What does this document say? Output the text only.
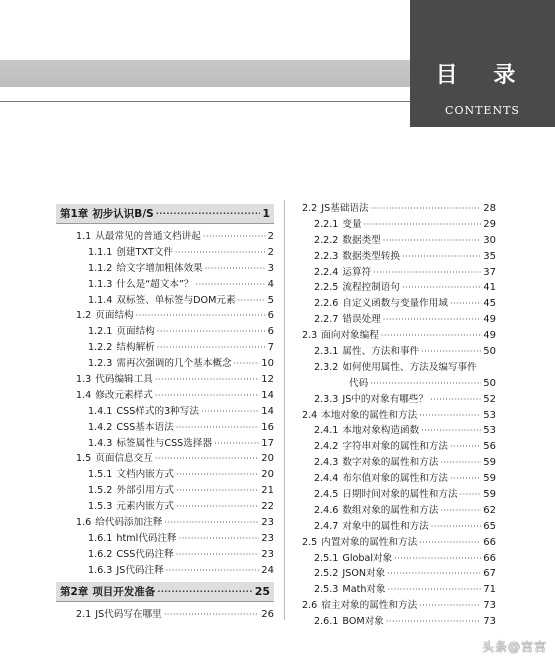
目 录
CONTENTS
第1章 初步认识B/S ·····	1
1.1 从最常见的普通文档讲起 ·····	2
1.1.1 创建TXT文件 ·····	2
1.1.2 给文字增加粗体效果 ·····	3
1.1.3 什么是“超文本”？ ·····	4
1.1.4 双标签、单标签与DOM元素 ·····	5
1.2 页面结构 ·····	6
1.2.1 页面结构 ·····	6
1.2.2 结构解析 ·····	7
1.2.3 需再次强调的几个基本概念 ·····	10
1.3 代码编辑工具 ·····	12
1.4 修改元素样式 ·····	14
1.4.1 CSS样式的3种写法 ·····	14
1.4.2 CSS基本语法 ·····	16
1.4.3 标签属性与CSS选择器 ·····	17
1.5 页面信息交互 ·····	20
1.5.1 文档内嵌方式 ·····	20
1.5.2 外部引用方式 ·····	21
1.5.3 元素内嵌方式 ·····	22
1.6 给代码添加注释 ·····	23
1.6.1 html代码注释 ·····	23
1.6.2 CSS代码注释 ·····	23
1.6.3 JS代码注释 ·····	24
第2章 项目开发准备 ·····	25
2.1 JS代码写在哪里 ·····	26
2.2 JS基础语法 ·····	28
2.2.1 变量 ·····	29
2.2.2 数据类型 ·····	30
2.2.3 数据类型转换 ·····	35
2.2.4 运算符 ·····	37
2.2.5 流程控制语句 ·····	41
2.2.6 自定义函数与变量作用域 ·····	45
2.2.7 错误处理 ·····	49
2.3 面向对象编程 ·····	49
2.3.1 属性、方法和事件 ·····	50
2.3.2 如何使用属性、方法及编写事件
代码 ·····	50
2.3.3 JS中的对象有哪些？ ·····	52
2.4 本地对象的属性和方法 ·····	53
2.4.1 本地对象构造函数 ·····	53
2.4.2 字符串对象的属性和方法 ·····	56
2.4.3 数字对象的属性和方法 ·····	59
2.4.4 布尔值对象的属性和方法 ·····	59
2.4.5 日期时间对象的属性和方法 ·····	59
2.4.6 数组对象的属性和方法 ·····	62
2.4.7 对象中的属性和方法 ·····	65
2.5 内置对象的属性和方法 ·····	66
2.5.1 Global对象 ·····	66
2.5.2 JSON对象 ·····	67
2.5.3 Math对象 ·····	71
2.6 宿主对象的属性和方法 ·····	73
2.6.1 BOM对象 ·····	73
头条@宫宫
